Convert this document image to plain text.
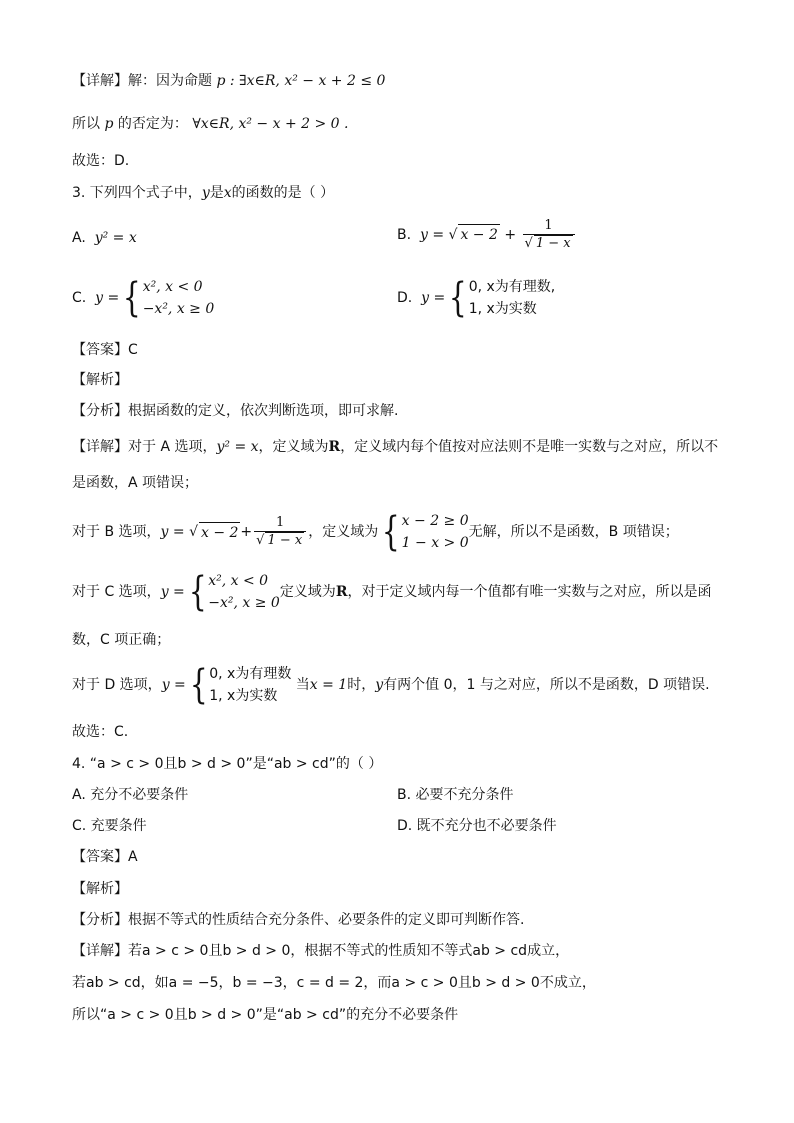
【详解】解：因为命题 p : ∃x∈R, x² − x + 2 ≤ 0
所以 p 的否定为： ∀x∈R, x² − x + 2 > 0 .
故选：D.
3. 下列四个式子中，y是x的函数的是（ ）
A. y² = x	B. y = √ $x - 2 + \frac{1}{√ 1 - x}$
C.
y = { x², x < 0
−x², x ≥ 0
D.
y = { 0, x为有理数,
1, x为实数
【答案】C
【解析】
【分析】根据函数的定义，依次判断选项，即可求解.
【详解】对于 A 选项，y² = x，定义域为R，定义域内每个值按对应法则不是唯一实数与之对应，所以不
是函数，A 项错误；
对于 B 选项， y =
√ $x - 2 + \frac{1}{√ 1 - x}$ ，定义域为 { x − 2 ≥ 0
1 − x > 0
无解，所以不是函数，B 项错误；
对于 C 选项， y = { x², x < 0
−x², x ≥ 0
定义域为 R ，对于定义域内每一个值都有唯一实数与之对应，所以是函
数，C 项正确；
对于 D 选项， y = { 0, x为有理数
1, x为实数

当 x = 1 时， y 有两个值 0，1 与之对应，所以不是函数，D 项错误.
故选：C.
4. “a > c > 0且b > d > 0”是“ab > cd”的（ ）
A. 充分不必要条件	B. 必要不充分条件
C. 充要条件	D. 既不充分也不必要条件
【答案】A
【解析】
【分析】根据不等式的性质结合充分条件、必要条件的定义即可判断作答.
【详解】若a > c > 0且b > d > 0，根据不等式的性质知不等式ab > cd成立，
若ab > cd，如a = −5，b = −3，c = d = 2，而a > c > 0且b > d > 0不成立，
所以“a > c > 0且b > d > 0”是“ab > cd”的充分不必要条件
